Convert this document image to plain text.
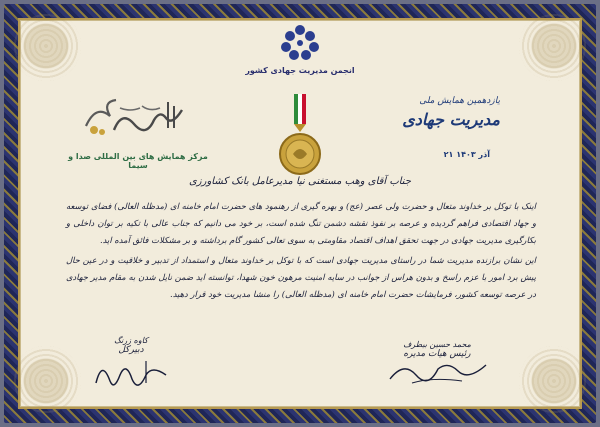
انجمن مدیریت جهادی کشور
مرکز همایش های بین المللی صدا و سیما
یازدهمین همایش ملی
مدیریت جهادی
۲۱ آذر ۱۴۰۳
جناب آقای وهب مستغنی نیا مدیرعامل بانک کشاورزی

اینک با توکل بر خداوند متعال و حضرت ولی عصر (عج) و بهره گیری از رهنمود های حضرت امام خامنه ای (مدظله العالی) فضای توسعه و جهاد اقتصادی فراهم گردیده و عرصه بر نفوذ نقشه دشمن تنگ شده است، بر خود می دانیم که جناب عالی با تکیه بر توان داخلی و بکارگیری مدیریت جهادی در جهت تحقق اهداف اقتصاد مقاومتی به سوی تعالی کشور گام برداشته و بر مشکلات فائق آمده اید.

این نشان برازنده مدیریت شما در راستای مدیریت جهادی است که با توکل بر خداوند متعال و استمداد از تدبیر و خلاقیت و در عین حال پیش برد امور با عزم راسخ و بدون هراس از جوانب در سایه امنیت مرهون خون شهدا، توانسته اید ضمن نایل شدن به مقام مدیر جهادی در عرصه توسعه کشور، فرمایشات حضرت امام خامنه ای (مدظله العالی) را منشا مدیریت خود قرار دهید.

محمد حسین بیطرف
رئیس هیات مدیره
کاوه زرنگ
دبیرکل
